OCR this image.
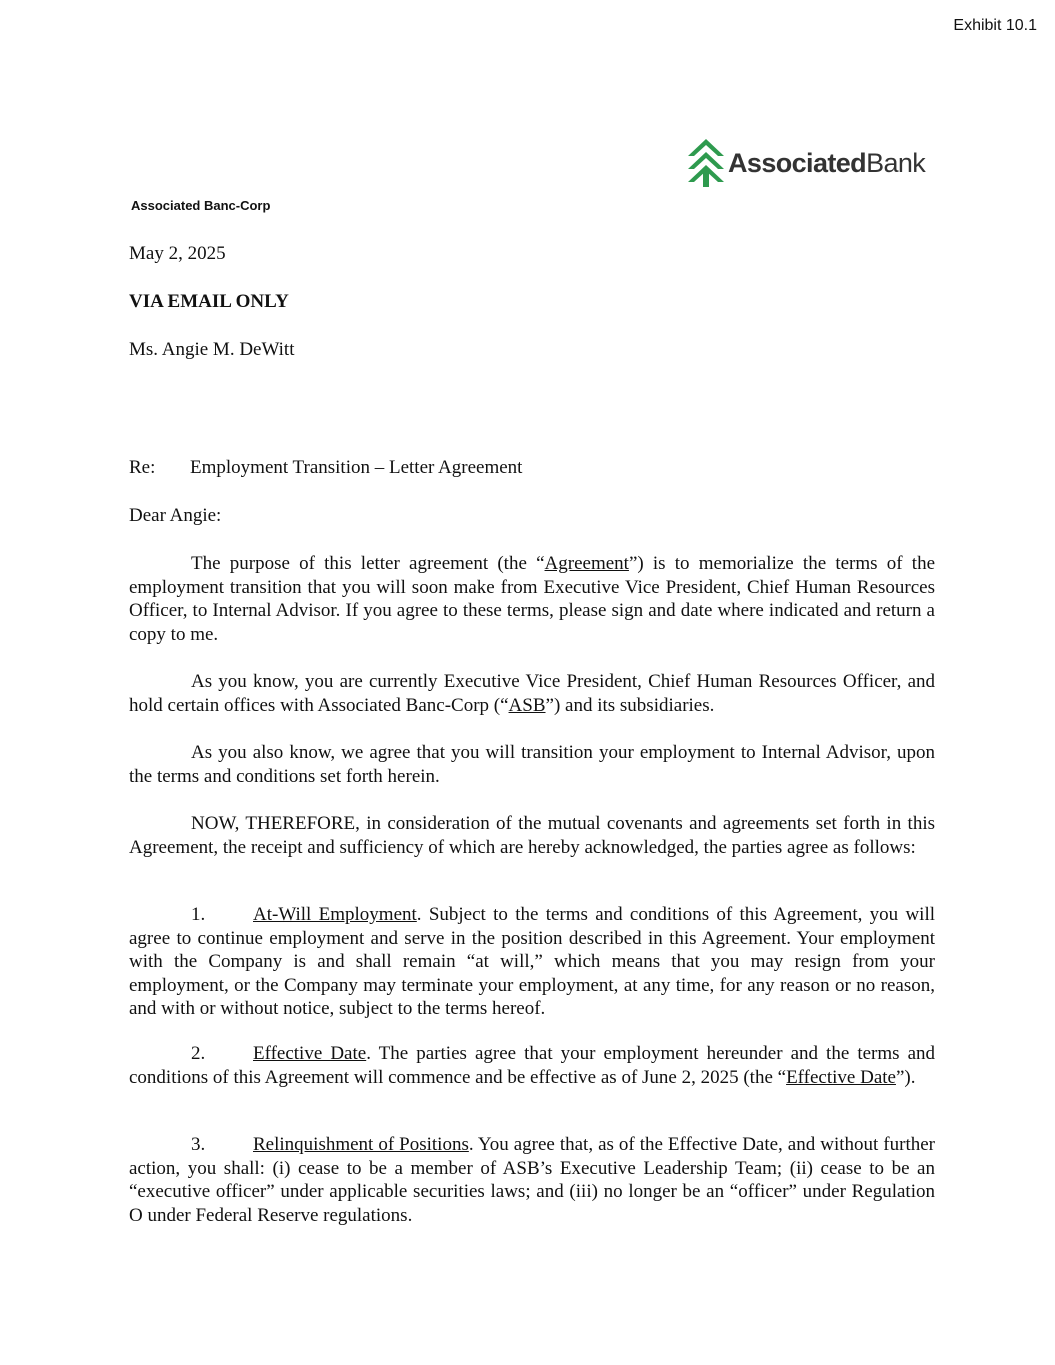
Exhibit 10.1
AssociatedBank
Associated Banc-Corp
May 2, 2025
VIA EMAIL ONLY
Ms. Angie M. DeWitt
Re: Employment Transition – Letter Agreement
Dear Angie:
The purpose of this letter agreement (the “Agreement”) is to memorialize the terms of the employment transition that you will soon make from Executive Vice President, Chief Human Resources Officer, to Internal Advisor. If you agree to these terms, please sign and date where indicated and return a copy to me.
As you know, you are currently Executive Vice President, Chief Human Resources Officer, and hold certain offices with Associated Banc-Corp (“ASB”) and its subsidiaries.
As you also know, we agree that you will transition your employment to Internal Advisor, upon the terms and conditions set forth herein.
NOW, THEREFORE, in consideration of the mutual covenants and agreements set forth in this Agreement, the receipt and sufficiency of which are hereby acknowledged, the parties agree as follows:
1.	At-Will Employment. Subject to the terms and conditions of this Agreement, you will agree to continue employment and serve in the position described in this Agreement. Your employment with the Company is and shall remain “at will,” which means that you may resign from your employment, or the Company may terminate your employment, at any time, for any reason or no reason, and with or without notice, subject to the terms hereof.
2.	Effective Date. The parties agree that your employment hereunder and the terms and conditions of this Agreement will commence and be effective as of June 2, 2025 (the “Effective Date”).
3.	Relinquishment of Positions. You agree that, as of the Effective Date, and without further action, you shall: (i) cease to be a member of ASB’s Executive Leadership Team; (ii) cease to be an “executive officer” under applicable securities laws; and (iii) no longer be an “officer” under Regulation O under Federal Reserve regulations.
